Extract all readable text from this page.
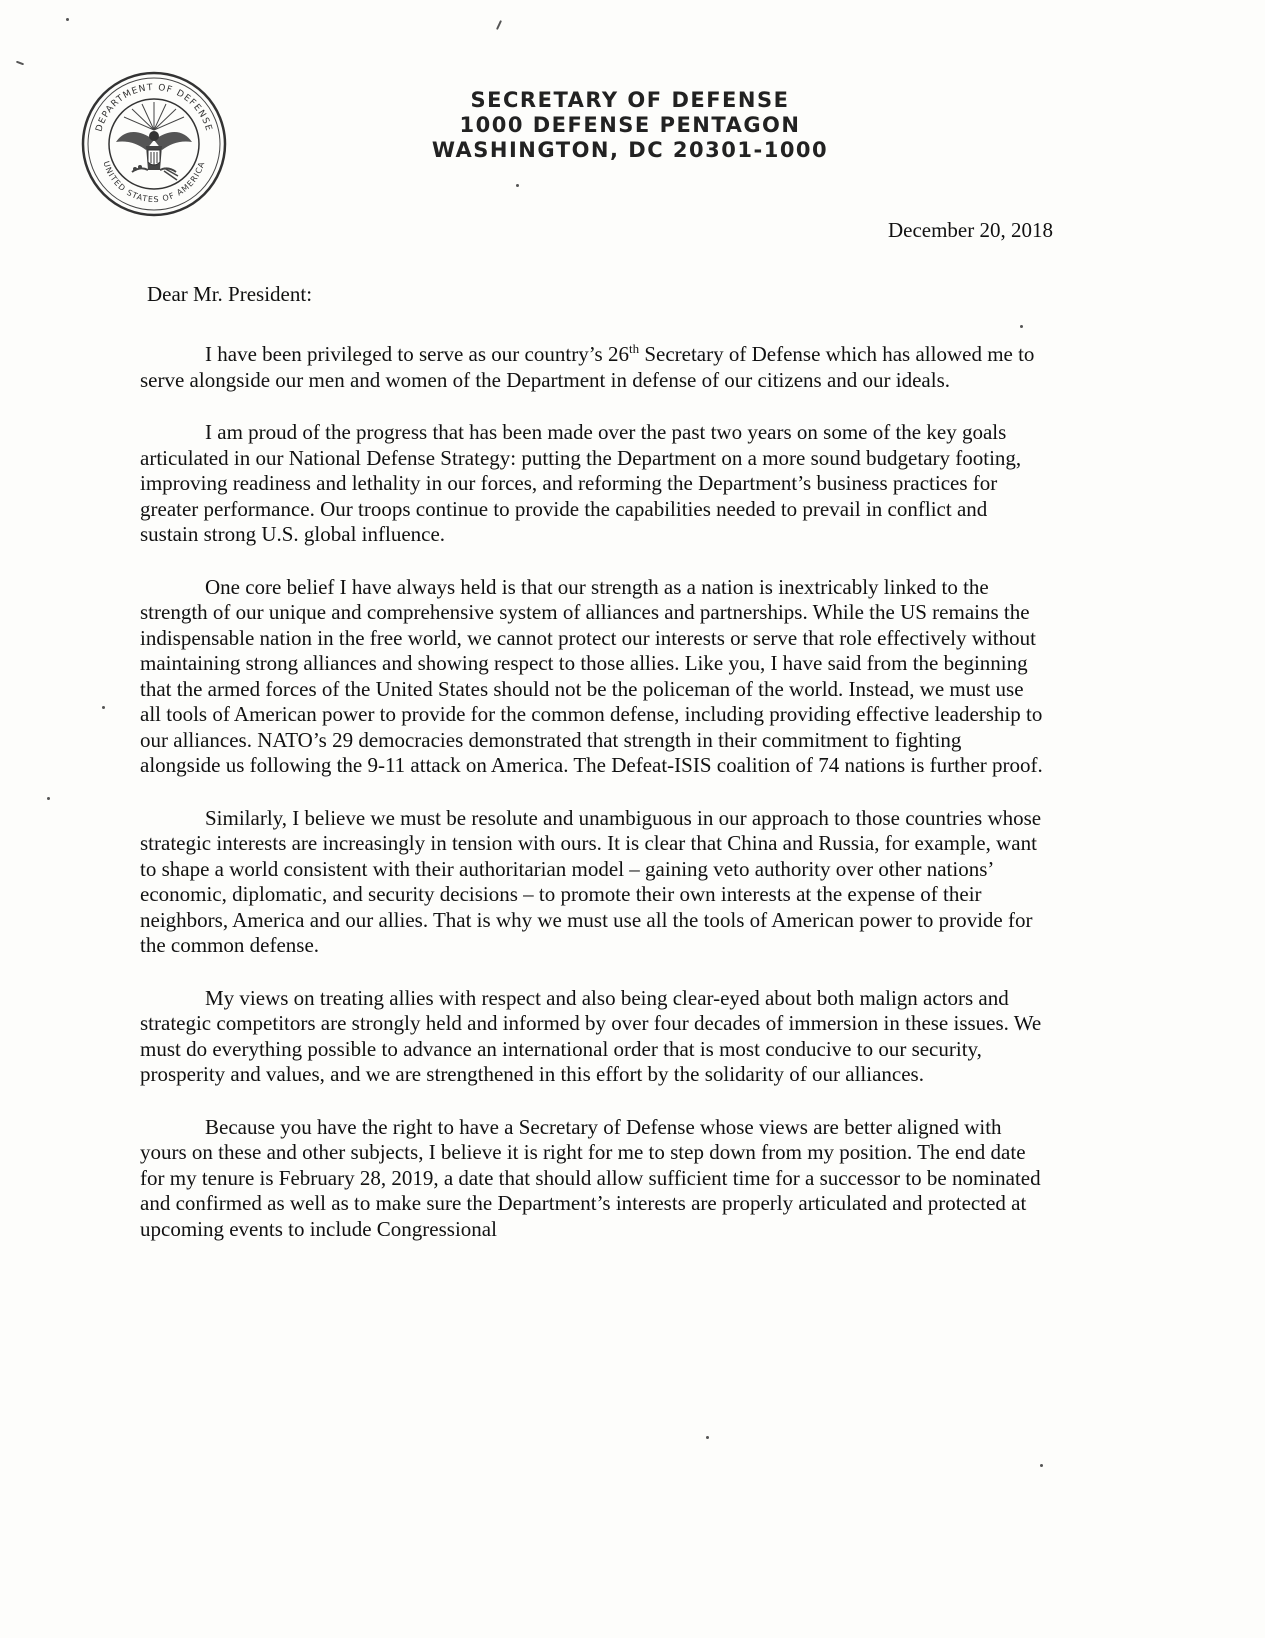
DEPARTMENT OF DEFENSE
UNITED STATES OF AMERICA
SECRETARY OF DEFENSE
1000 DEFENSE PENTAGON
WASHINGTON, DC 20301-1000
December 20, 2018
Dear Mr. President:

I have been privileged to serve as our country’s 26th Secretary of Defense which has allowed me to serve alongside our men and women of the Department in defense of our citizens and our ideals.

I am proud of the progress that has been made over the past two years on some of the key goals articulated in our National Defense Strategy: putting the Department on a more sound budgetary footing, improving readiness and lethality in our forces, and reforming the Department’s business practices for greater performance. Our troops continue to provide the capabilities needed to prevail in conflict and sustain strong U.S. global influence.

One core belief I have always held is that our strength as a nation is inextricably linked to the strength of our unique and comprehensive system of alliances and partnerships. While the US remains the indispensable nation in the free world, we cannot protect our interests or serve that role effectively without maintaining strong alliances and showing respect to those allies. Like you, I have said from the beginning that the armed forces of the United States should not be the policeman of the world. Instead, we must use all tools of American power to provide for the common defense, including providing effective leadership to our alliances. NATO’s 29 democracies demonstrated that strength in their commitment to fighting alongside us following the 9-11 attack on America. The Defeat-ISIS coalition of 74 nations is further proof.

Similarly, I believe we must be resolute and unambiguous in our approach to those countries whose strategic interests are increasingly in tension with ours. It is clear that China and Russia, for example, want to shape a world consistent with their authoritarian model – gaining veto authority over other nations’ economic, diplomatic, and security decisions – to promote their own interests at the expense of their neighbors, America and our allies. That is why we must use all the tools of American power to provide for the common defense.

My views on treating allies with respect and also being clear-eyed about both malign actors and strategic competitors are strongly held and informed by over four decades of immersion in these issues. We must do everything possible to advance an international order that is most conducive to our security, prosperity and values, and we are strengthened in this effort by the solidarity of our alliances.

Because you have the right to have a Secretary of Defense whose views are better aligned with yours on these and other subjects, I believe it is right for me to step down from my position. The end date for my tenure is February 28, 2019, a date that should allow sufficient time for a successor to be nominated and confirmed as well as to make sure the Department’s interests are properly articulated and protected at upcoming events to include Congressional
